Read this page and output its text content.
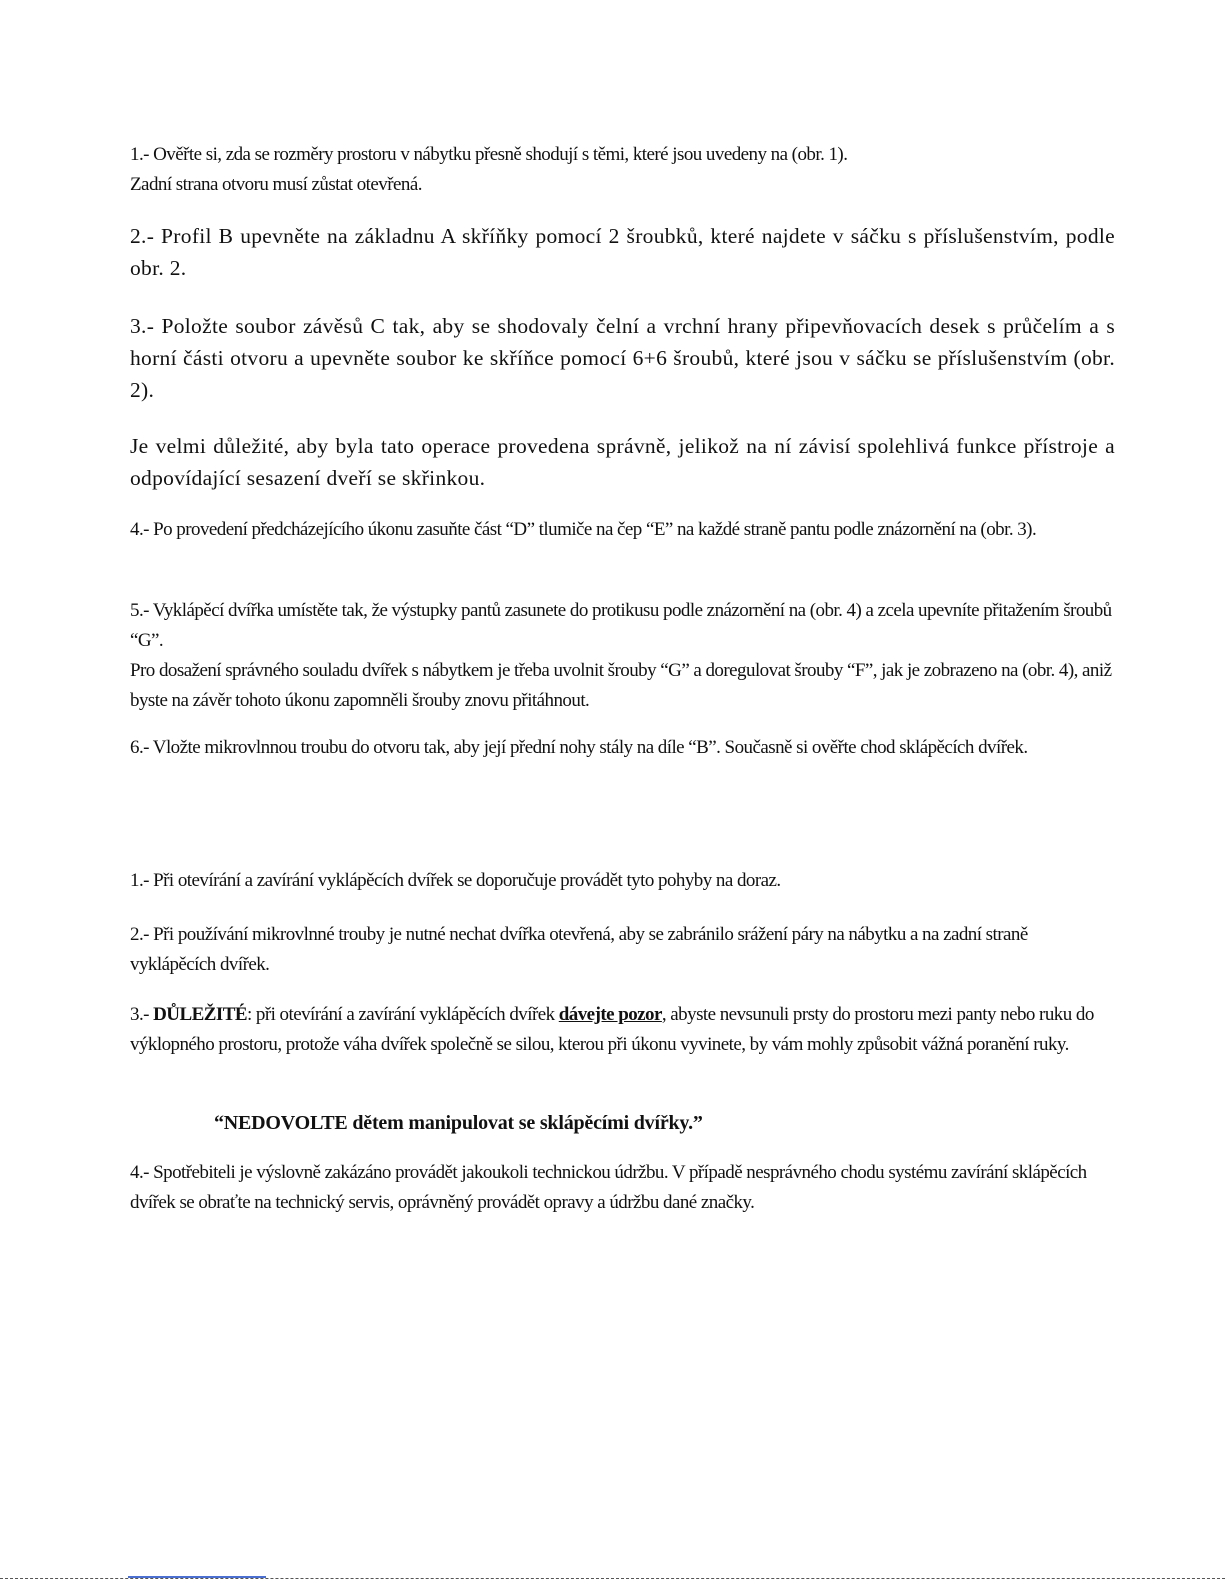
1.- Ověřte si, zda se rozměry prostoru v nábytku přesně shodují s těmi, které jsou uvedeny na (obr. 1).

Zadní strana otvoru musí zůstat otevřená.

2.- Profil B upevněte na základnu A skříňky pomocí 2 šroubků, které najdete v sáčku s příslušenstvím, podle obr. 2.

3.- Položte soubor závěsů C tak, aby se shodovaly čelní a vrchní hrany připevňovacích desek s průčelím a s horní části otvoru a upevněte soubor ke skříňce pomocí 6+6 šroubů, které jsou v sáčku se příslušenstvím (obr. 2).

Je velmi důležité, aby byla tato operace provedena správně, jelikož na ní závisí spolehlivá funkce přístroje a odpovídající sesazení dveří se skřinkou.

4.- Po provedení předcházejícího úkonu zasuňte část “D” tlumiče na čep “E” na každé straně pantu podle znázornění na (obr. 3).

5.- Vyklápěcí dvířka umístěte tak, že výstupky pantů zasunete do protikusu podle znázornění na (obr. 4) a zcela upevníte přitažením šroubů “G”.

Pro dosažení správného souladu dvířek s nábytkem je třeba uvolnit šrouby “G” a doregulovat šrouby “F”, jak je zobrazeno na (obr. 4), aniž byste na závěr tohoto úkonu zapomněli šrouby znovu přitáhnout.

6.- Vložte mikrovlnnou troubu do otvoru tak, aby její přední nohy stály na díle “B”. Současně si ověřte chod sklápěcích dvířek.

1.- Při otevírání a zavírání vyklápěcích dvířek se doporučuje provádět tyto pohyby na doraz.

2.- Při používání mikrovlnné trouby je nutné nechat dvířka otevřená, aby se zabránilo srážení páry na nábytku a na zadní straně vyklápěcích dvířek.

3.- DŮLEŽITÉ: při otevírání a zavírání vyklápěcích dvířek dávejte pozor, abyste nevsunuli prsty do prostoru mezi panty nebo ruku do výklopného prostoru, protože váha dvířek společně se silou, kterou při úkonu vyvinete, by vám mohly způsobit vážná poranění ruky.

“NEDOVOLTE dětem manipulovat se sklápěcími dvířky.”

4.- Spotřebiteli je výslovně zakázáno provádět jakoukoli technickou údržbu. V případě nesprávného chodu systému zavírání sklápěcích dvířek se obraťte na technický servis, oprávněný provádět opravy a údržbu dané značky.
